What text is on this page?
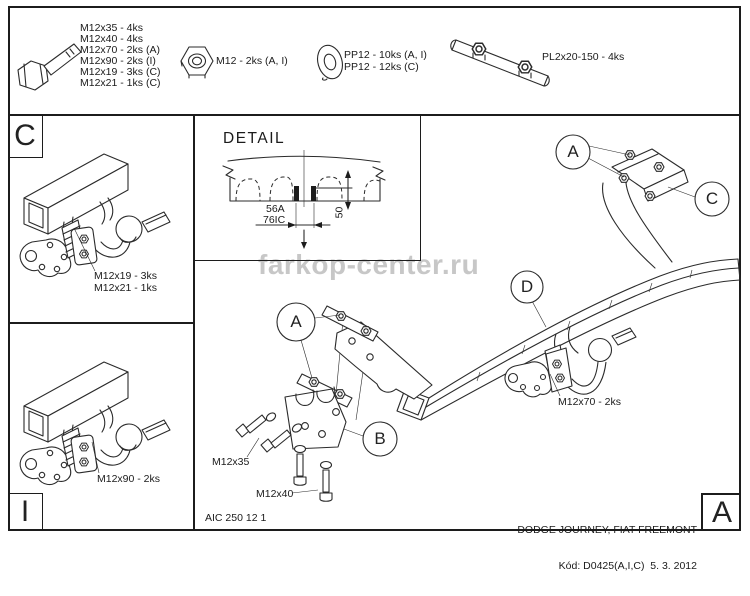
farkop-center.ru
M12x35 - 4ks
M12x40 - 4ks
M12x70 - 2ks (A)
M12x90 - 2ks (I)
M12x19 - 3ks (C)
M12x21 - 1ks (C)
M12 - 2ks (A, I)	PP12 - 10ks (A, I)
PP12 - 12ks (C)
PL2x20-150 - 4ks
C
I	A
M12x19 - 3ks
M12x21 - 1ks
M12x90 - 2ks
DETAIL
56A
76IC
50
M12x70 - 2ks
M12x35
M12x40
AIC 250 12 1
A
A
B
C
D

DODGE JOURNEY, FIAT FREEMONT

Kód: D0425(A,I,C)  5. 3. 2012
